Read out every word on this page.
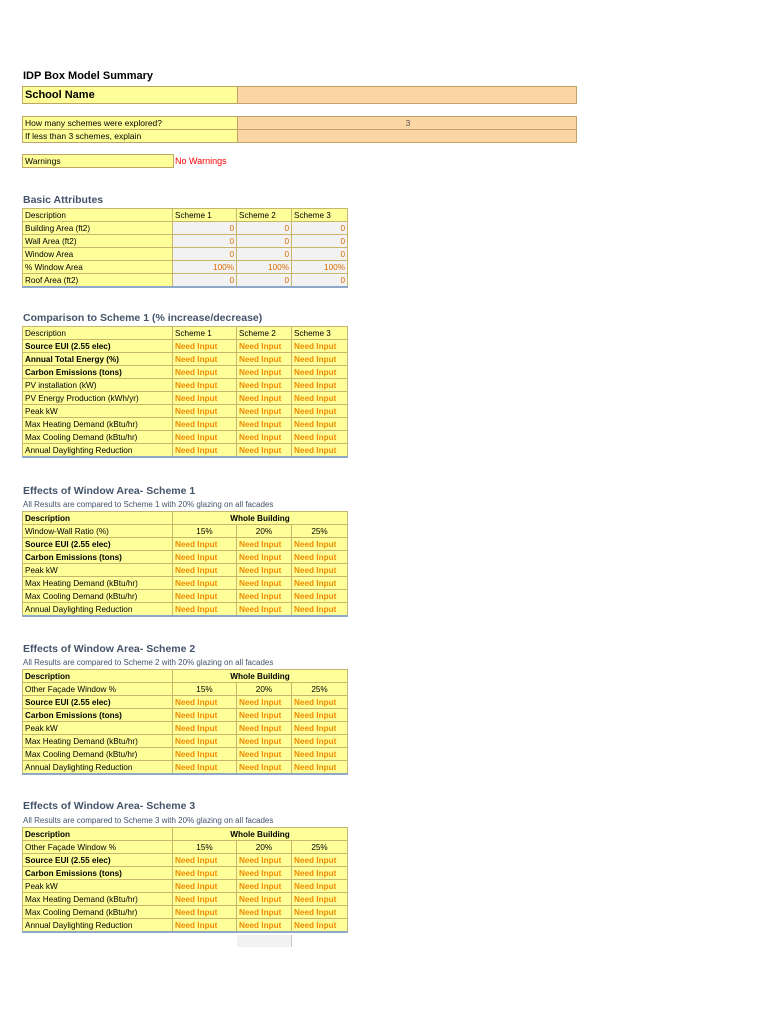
IDP Box Model Summary
School Name
How many schemes were explored?	3
If less than 3 schemes, explain
Warnings	No Warnings
Basic Attributes
Description	Scheme 1	Scheme 2	Scheme 3
Building Area (ft2)	0	0	0
Wall Area (ft2)	0	0	0
Window Area	0	0	0
% Window Area	100%	100%	100%
Roof Area (ft2)	0	0	0
Comparison to Scheme 1 (% increase/decrease)
Description	Scheme 1	Scheme 2	Scheme 3
Source EUI (2.55 elec)	Need Input	Need Input	Need Input
Annual Total Energy (%)	Need Input	Need Input	Need Input
Carbon Emissions (tons)	Need Input	Need Input	Need Input
PV installation (kW)	Need Input	Need Input	Need Input
PV Energy Production (kWh/yr)	Need Input	Need Input	Need Input
Peak kW	Need Input	Need Input	Need Input
Max Heating Demand (kBtu/hr)	Need Input	Need Input	Need Input
Max Cooling Demand (kBtu/hr)	Need Input	Need Input	Need Input
Annual Daylighting Reduction	Need Input	Need Input	Need Input
Effects of Window Area- Scheme 1
All Results are compared to Scheme 1 with 20% glazing on all facades
Description	Whole Building		
Window-Wall Ratio (%)	15%	20%	25%
Source EUI (2.55 elec)	Need Input	Need Input	Need Input
Carbon Emissions (tons)	Need Input	Need Input	Need Input
Peak kW	Need Input	Need Input	Need Input
Max Heating Demand (kBtu/hr)	Need Input	Need Input	Need Input
Max Cooling Demand (kBtu/hr)	Need Input	Need Input	Need Input
Annual Daylighting Reduction	Need Input	Need Input	Need Input
Effects of Window Area- Scheme 2
All Results are compared to Scheme 2 with 20% glazing on all facades
Description	Whole Building		
Other Façade Window %	15%	20%	25%
Source EUI (2.55 elec)	Need Input	Need Input	Need Input
Carbon Emissions (tons)	Need Input	Need Input	Need Input
Peak kW	Need Input	Need Input	Need Input
Max Heating Demand (kBtu/hr)	Need Input	Need Input	Need Input
Max Cooling Demand (kBtu/hr)	Need Input	Need Input	Need Input
Annual Daylighting Reduction	Need Input	Need Input	Need Input
Effects of Window Area- Scheme 3
All Results are compared to Scheme 3 with 20% glazing on all facades
Description	Whole Building		
Other Façade Window %	15%	20%	25%
Source EUI (2.55 elec)	Need Input	Need Input	Need Input
Carbon Emissions (tons)	Need Input	Need Input	Need Input
Peak kW	Need Input	Need Input	Need Input
Max Heating Demand (kBtu/hr)	Need Input	Need Input	Need Input
Max Cooling Demand (kBtu/hr)	Need Input	Need Input	Need Input
Annual Daylighting Reduction	Need Input	Need Input	Need Input
